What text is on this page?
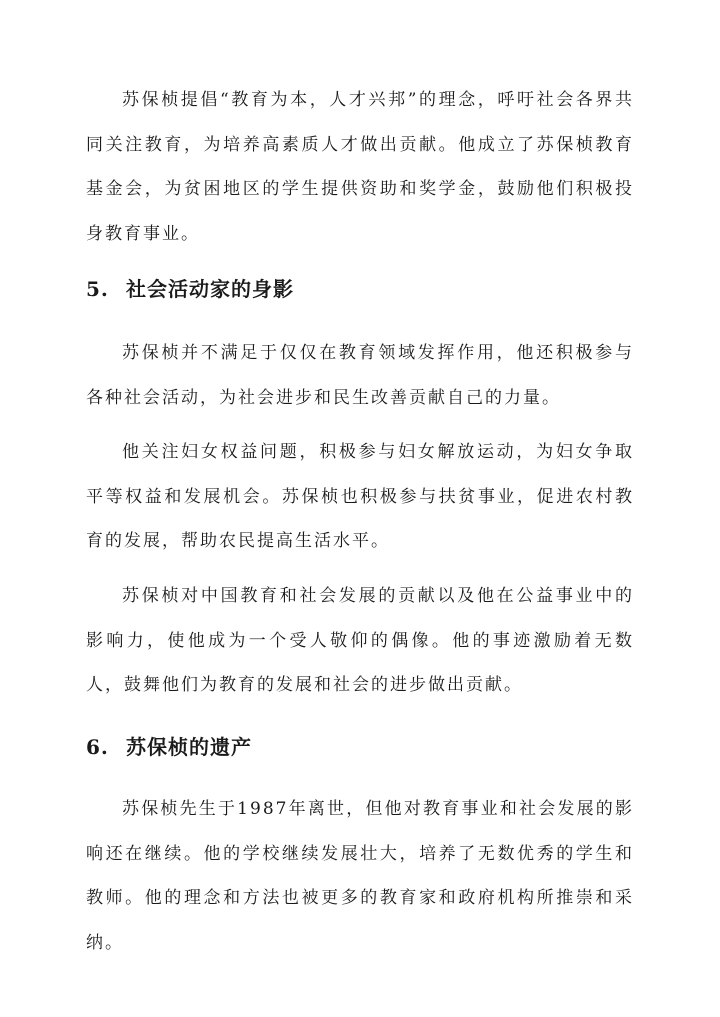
苏保桢提倡“教育为本，人才兴邦”的理念，呼吁社会各界共同关注教育，为培养高素质人才做出贡献。他成立了苏保桢教育基金会，为贫困地区的学生提供资助和奖学金，鼓励他们积极投身教育事业。

5. 社会活动家的身影

苏保桢并不满足于仅仅在教育领域发挥作用，他还积极参与各种社会活动，为社会进步和民生改善贡献自己的力量。

他关注妇女权益问题，积极参与妇女解放运动，为妇女争取平等权益和发展机会。苏保桢也积极参与扶贫事业，促进农村教育的发展，帮助农民提高生活水平。

苏保桢对中国教育和社会发展的贡献以及他在公益事业中的影响力，使他成为一个受人敬仰的偶像。他的事迹激励着无数人，鼓舞他们为教育的发展和社会的进步做出贡献。

6. 苏保桢的遗产

苏保桢先生于1987年离世，但他对教育事业和社会发展的影响还在继续。他的学校继续发展壮大，培养了无数优秀的学生和教师。他的理念和方法也被更多的教育家和政府机构所推崇和采纳。
